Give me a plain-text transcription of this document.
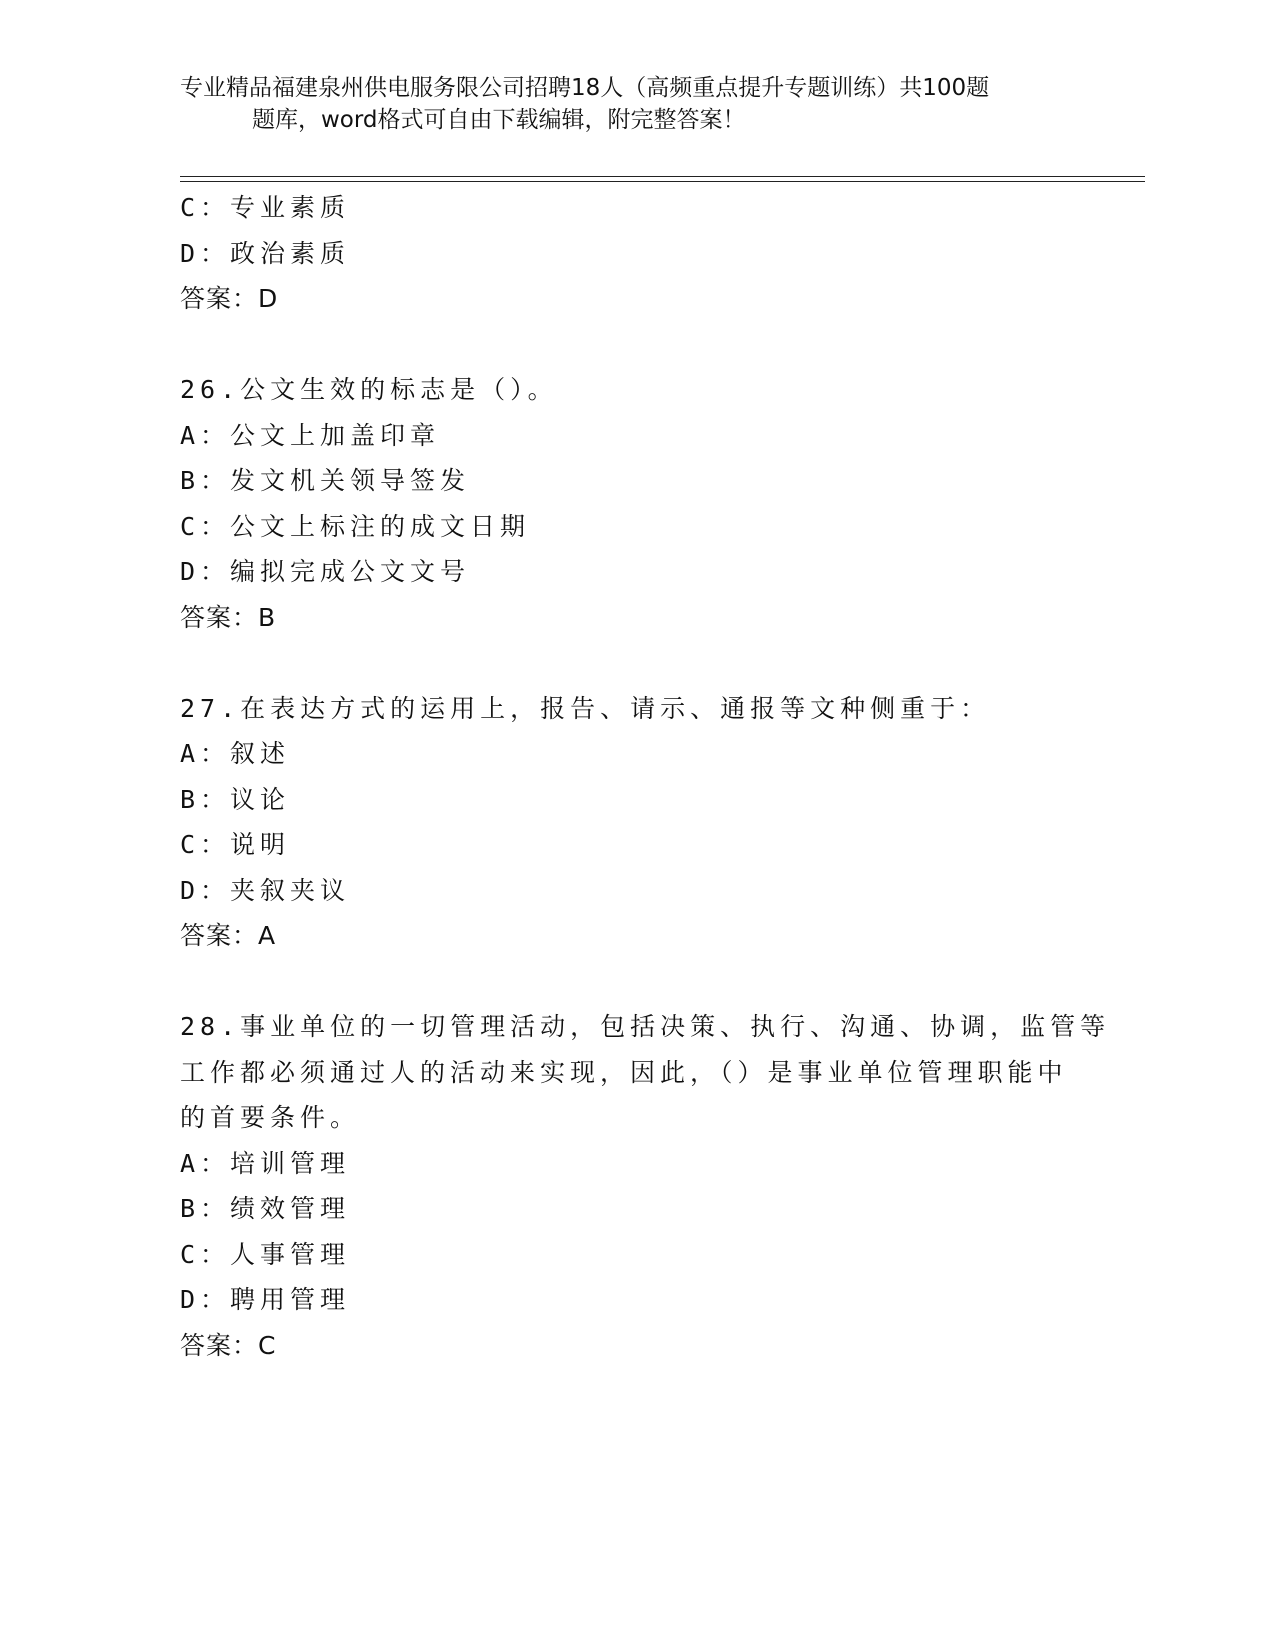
专业精品福建泉州供电服务限公司招聘18人（高频重点提升专题训练）共100题
题库，word格式可自由下载编辑，附完整答案！
C：专业素质
D：政治素质
答案：D
26.公文生效的标志是（）。
A：公文上加盖印章
B：发文机关领导签发
C：公文上标注的成文日期
D：编拟完成公文文号
答案：B
27.在表达方式的运用上，报告、请示、通报等文种侧重于：
A：叙述
B：议论
C：说明
D：夹叙夹议
答案：A
28.事业单位的一切管理活动，包括决策、执行、沟通、协调，监管等
工作都必须通过人的活动来实现，因此，（）是事业单位管理职能中
的首要条件。
A：培训管理
B：绩效管理
C：人事管理
D：聘用管理
答案：C
